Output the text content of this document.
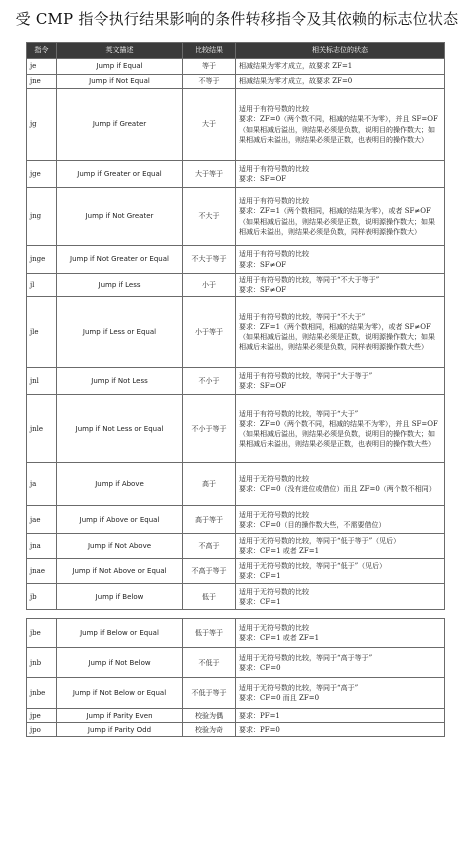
受 CMP 指令执行结果影响的条件转移指令及其依赖的标志位状态
指令	英文描述	比较结果	相关标志位的状态
je	Jump if Equal	等于	相减结果为零才成立，故要求 ZF=1
jne	Jump if Not Equal	不等于	相减结果为零才成立，故要求 ZF=0
jg	Jump if Greater	大于	适用于有符号数的比较
要求：ZF=0（两个数不同，相减的结果不为零），并且 SF=OF（如果相减后溢出，则结果必须是负数，说明目的操作数大；如果相减后未溢出，则结果必须是正数，也表明目的操作数大）
jge	Jump if Greater or Equal	大于等于	适用于有符号数的比较
要求：SF=OF
jng	Jump if Not Greater	不大于	适用于有符号数的比较
要求：ZF=1（两个数相同，相减的结果为零），或者 SF≠OF（如果相减后溢出，则结果必须是正数，说明源操作数大；如果相减后未溢出，则结果必须是负数，同样表明源操作数大）
jnge	Jump if Not Greater or Equal	不大于等于	适用于有符号数的比较
要求：SF≠OF
jl	Jump if Less	小于	适用于有符号数的比较，等同于“不大于等于”
要求：SF≠OF
jle	Jump if Less or Equal	小于等于	适用于有符号数的比较，等同于“不大于”
要求：ZF=1（两个数相同，相减的结果为零），或者 SF≠OF（如果相减后溢出，则结果必须是正数，说明源操作数大；如果相减后未溢出，则结果必须是负数，同样表明源操作数大些）
jnl	Jump if Not Less	不小于	适用于有符号数的比较，等同于“大于等于”
要求：SF=OF
jnle	Jump if Not Less or Equal	不小于等于	适用于有符号数的比较，等同于“大于”
要求：ZF=0（两个数不同，相减的结果不为零），并且 SF=OF（如果相减后溢出，则结果必须是负数，说明目的操作数大；如果相减后未溢出，则结果必须是正数，也表明目的操作数大些）
ja	Jump if Above	高于	适用于无符号数的比较
要求：CF=0（没有进位或借位）而且 ZF=0（两个数不相同）
jae	Jump if Above or Equal	高于等于	适用于无符号数的比较
要求：CF=0（目的操作数大些，不需要借位）
jna	Jump if Not Above	不高于	适用于无符号数的比较，等同于“低于等于”（见后）
要求：CF=1 或者 ZF=1
jnae	Jump if Not Above or Equal	不高于等于	适用于无符号数的比较，等同于“低于”（见后）
要求：CF=1
jb	Jump if Below	低于	适用于无符号数的比较
要求：CF=1

jbe	Jump if Below or Equal	低于等于	适用于无符号数的比较
要求：CF=1 或者 ZF=1
jnb	Jump if Not Below	不低于	适用于无符号数的比较，等同于“高于等于”
要求：CF=0
jnbe	Jump if Not Below or Equal	不低于等于	适用于无符号数的比较，等同于“高于”
要求：CF=0 而且 ZF=0
jpe	Jump if Parity Even	校验为偶	要求：PF=1
jpo	Jump if Parity Odd	校验为奇	要求：PF=0
